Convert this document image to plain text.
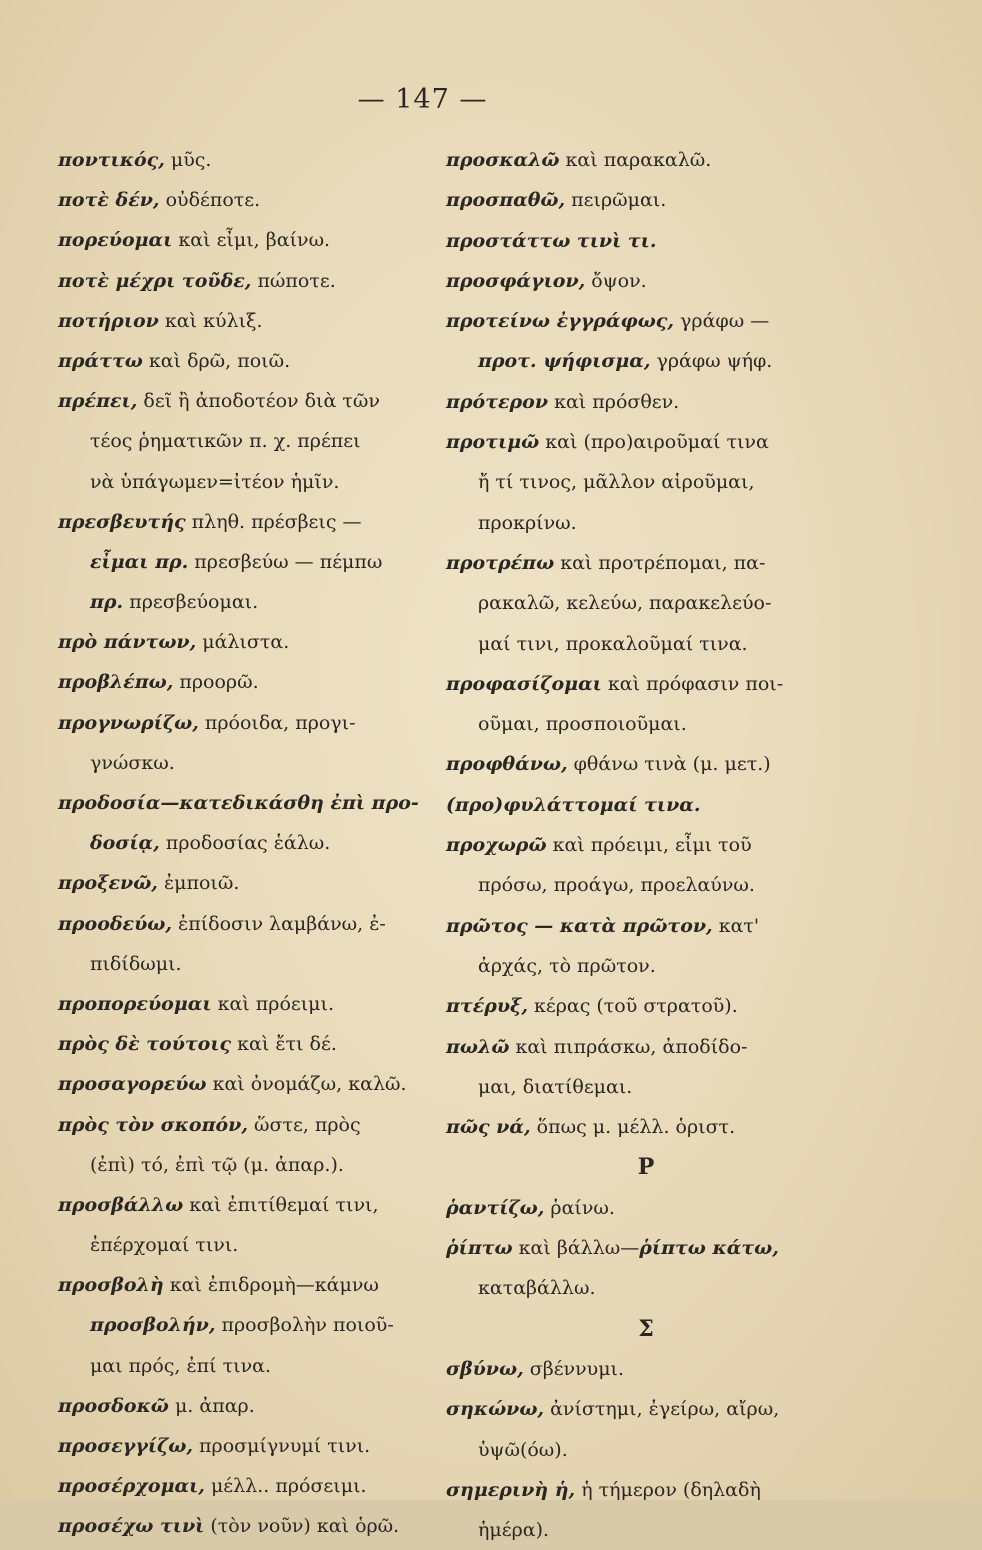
— 147 —
ποντικός, μῦς.
ποτὲ δέν, οὐδέποτε.
πορεύομαι καὶ εἶμι, βαίνω.
ποτὲ μέχρι τοῦδε, πώποτε.
ποτήριον καὶ κύλιξ.
πράττω καὶ δρῶ, ποιῶ.
πρέπει, δεῖ ἢ ἀποδοτέον διὰ τῶν
τέος ῥηματικῶν π. χ. πρέπει
νὰ ὑπάγωμεν=ἰτέον ἡμῖν.
πρεσβευτής πληθ. πρέσβεις —
εἶμαι πρ. πρεσβεύω — πέμπω
πρ. πρεσβεύομαι.
πρὸ πάντων, μάλιστα.
προβλέπω, προορῶ.
προγνωρίζω, πρόοιδα, προγι-
γνώσκω.
προδοσία—κατεδικάσθη ἐπὶ προ-
δοσίᾳ, προδοσίας ἑάλω.
προξενῶ, ἐμποιῶ.
προοδεύω, ἐπίδοσιν λαμβάνω, ἐ-
πιδίδωμι.
προπορεύομαι καὶ πρόειμι.
πρὸς δὲ τούτοις καὶ ἔτι δέ.
προσαγορεύω καὶ ὀνομάζω, καλῶ.
πρὸς τὸν σκοπόν, ὥστε, πρὸς
(ἐπὶ) τό, ἐπὶ τῷ (μ. ἀπαρ.).
προσβάλλω καὶ ἐπιτίθεμαί τινι,
ἐπέρχομαί τινι.
προσβολὴ καὶ ἐπιδρομὴ—κάμνω
προσβολήν, προσβολὴν ποιοῦ-
μαι πρός, ἐπί τινα.
προσδοκῶ μ. ἀπαρ.
προσεγγίζω, προσμίγνυμί τινι.
προσέρχομαι, μέλλ.. πρόσειμι.
προσέχω τινὶ (τὸν νοῦν) καὶ ὁρῶ.
προσκαλῶ καὶ παρακαλῶ.
προσπαθῶ, πειρῶμαι.
προστάττω τινὶ τι.
προσφάγιον, ὄψον.
προτείνω ἐγγράφως, γράφω —
προτ. ψήφισμα, γράφω ψήφ.
πρότερον καὶ πρόσθεν.
προτιμῶ καὶ (προ)αιροῦμαί τινα
ἤ τί τινος, μᾶλλον αἱροῦμαι,
προκρίνω.
προτρέπω καὶ προτρέπομαι, πα-
ρακαλῶ, κελεύω, παρακελεύο-
μαί τινι, προκαλοῦμαί τινα.
προφασίζομαι καὶ πρόφασιν ποι-
οῦμαι, προσποιοῦμαι.
προφθάνω, φθάνω τινὰ (μ. μετ.)
(προ)φυλάττομαί τινα.
προχωρῶ καὶ πρόειμι, εἶμι τοῦ
πρόσω, προάγω, προελαύνω.
πρῶτος — κατὰ πρῶτον, κατ'
ἀρχάς, τὸ πρῶτον.
πτέρυξ, κέρας (τοῦ στρατοῦ).
πωλῶ καὶ πιπράσκω, ἀποδίδο-
μαι, διατίθεμαι.
πῶς νά, ὅπως μ. μέλλ. ὁριστ.
Ρ
ῥαντίζω, ῥαίνω.
ῥίπτω καὶ βάλλω—ῥίπτω κάτω,
καταβάλλω.
Σ
σβύνω, σβέννυμι.
σηκώνω, ἀνίστημι, ἐγείρω, αἴρω,
ὑψῶ(όω).
σημερινὴ ἡ, ἡ τήμερον (δηλαδὴ
ἡμέρα).
